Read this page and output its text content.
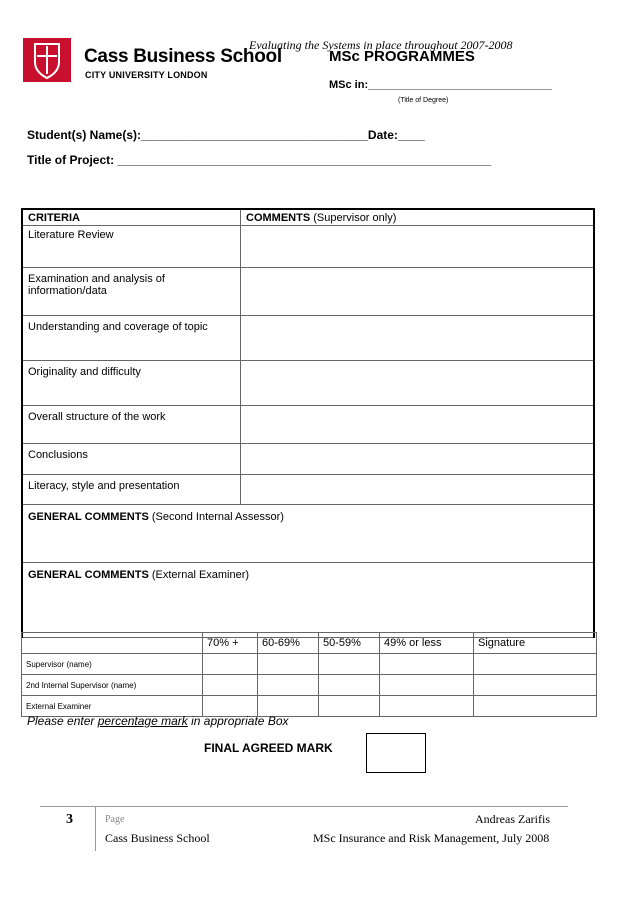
Cass Business School
CITY UNIVERSITY LONDON
Evaluating the Systems in place throughout 2007-2008
MSc PROGRAMMES
MSc in:______________________________
(Title of Degree)
Student(s) Name(s):__________________________________Date:____
Title of Project: ________________________________________________________
CRITERIA	COMMENTS (Supervisor only)
Literature Review	
Examination and analysis of information/data	
Understanding and coverage of topic	
Originality and difficulty	
Overall structure of the work	
Conclusions	
Literacy, style and presentation	
GENERAL COMMENTS (Second Internal Assessor)	
GENERAL COMMENTS (External Examiner)	
	70% +	60-69%	50-59%	49% or less	Signature
Supervisor (name)					
2nd Internal Supervisor (name)					
External Examiner					
Please enter percentage mark in appropriate Box
FINAL AGREED MARK
3	Page	Andreas Zarifis
Cass Business School	MSc Insurance and Risk Management, July 2008
